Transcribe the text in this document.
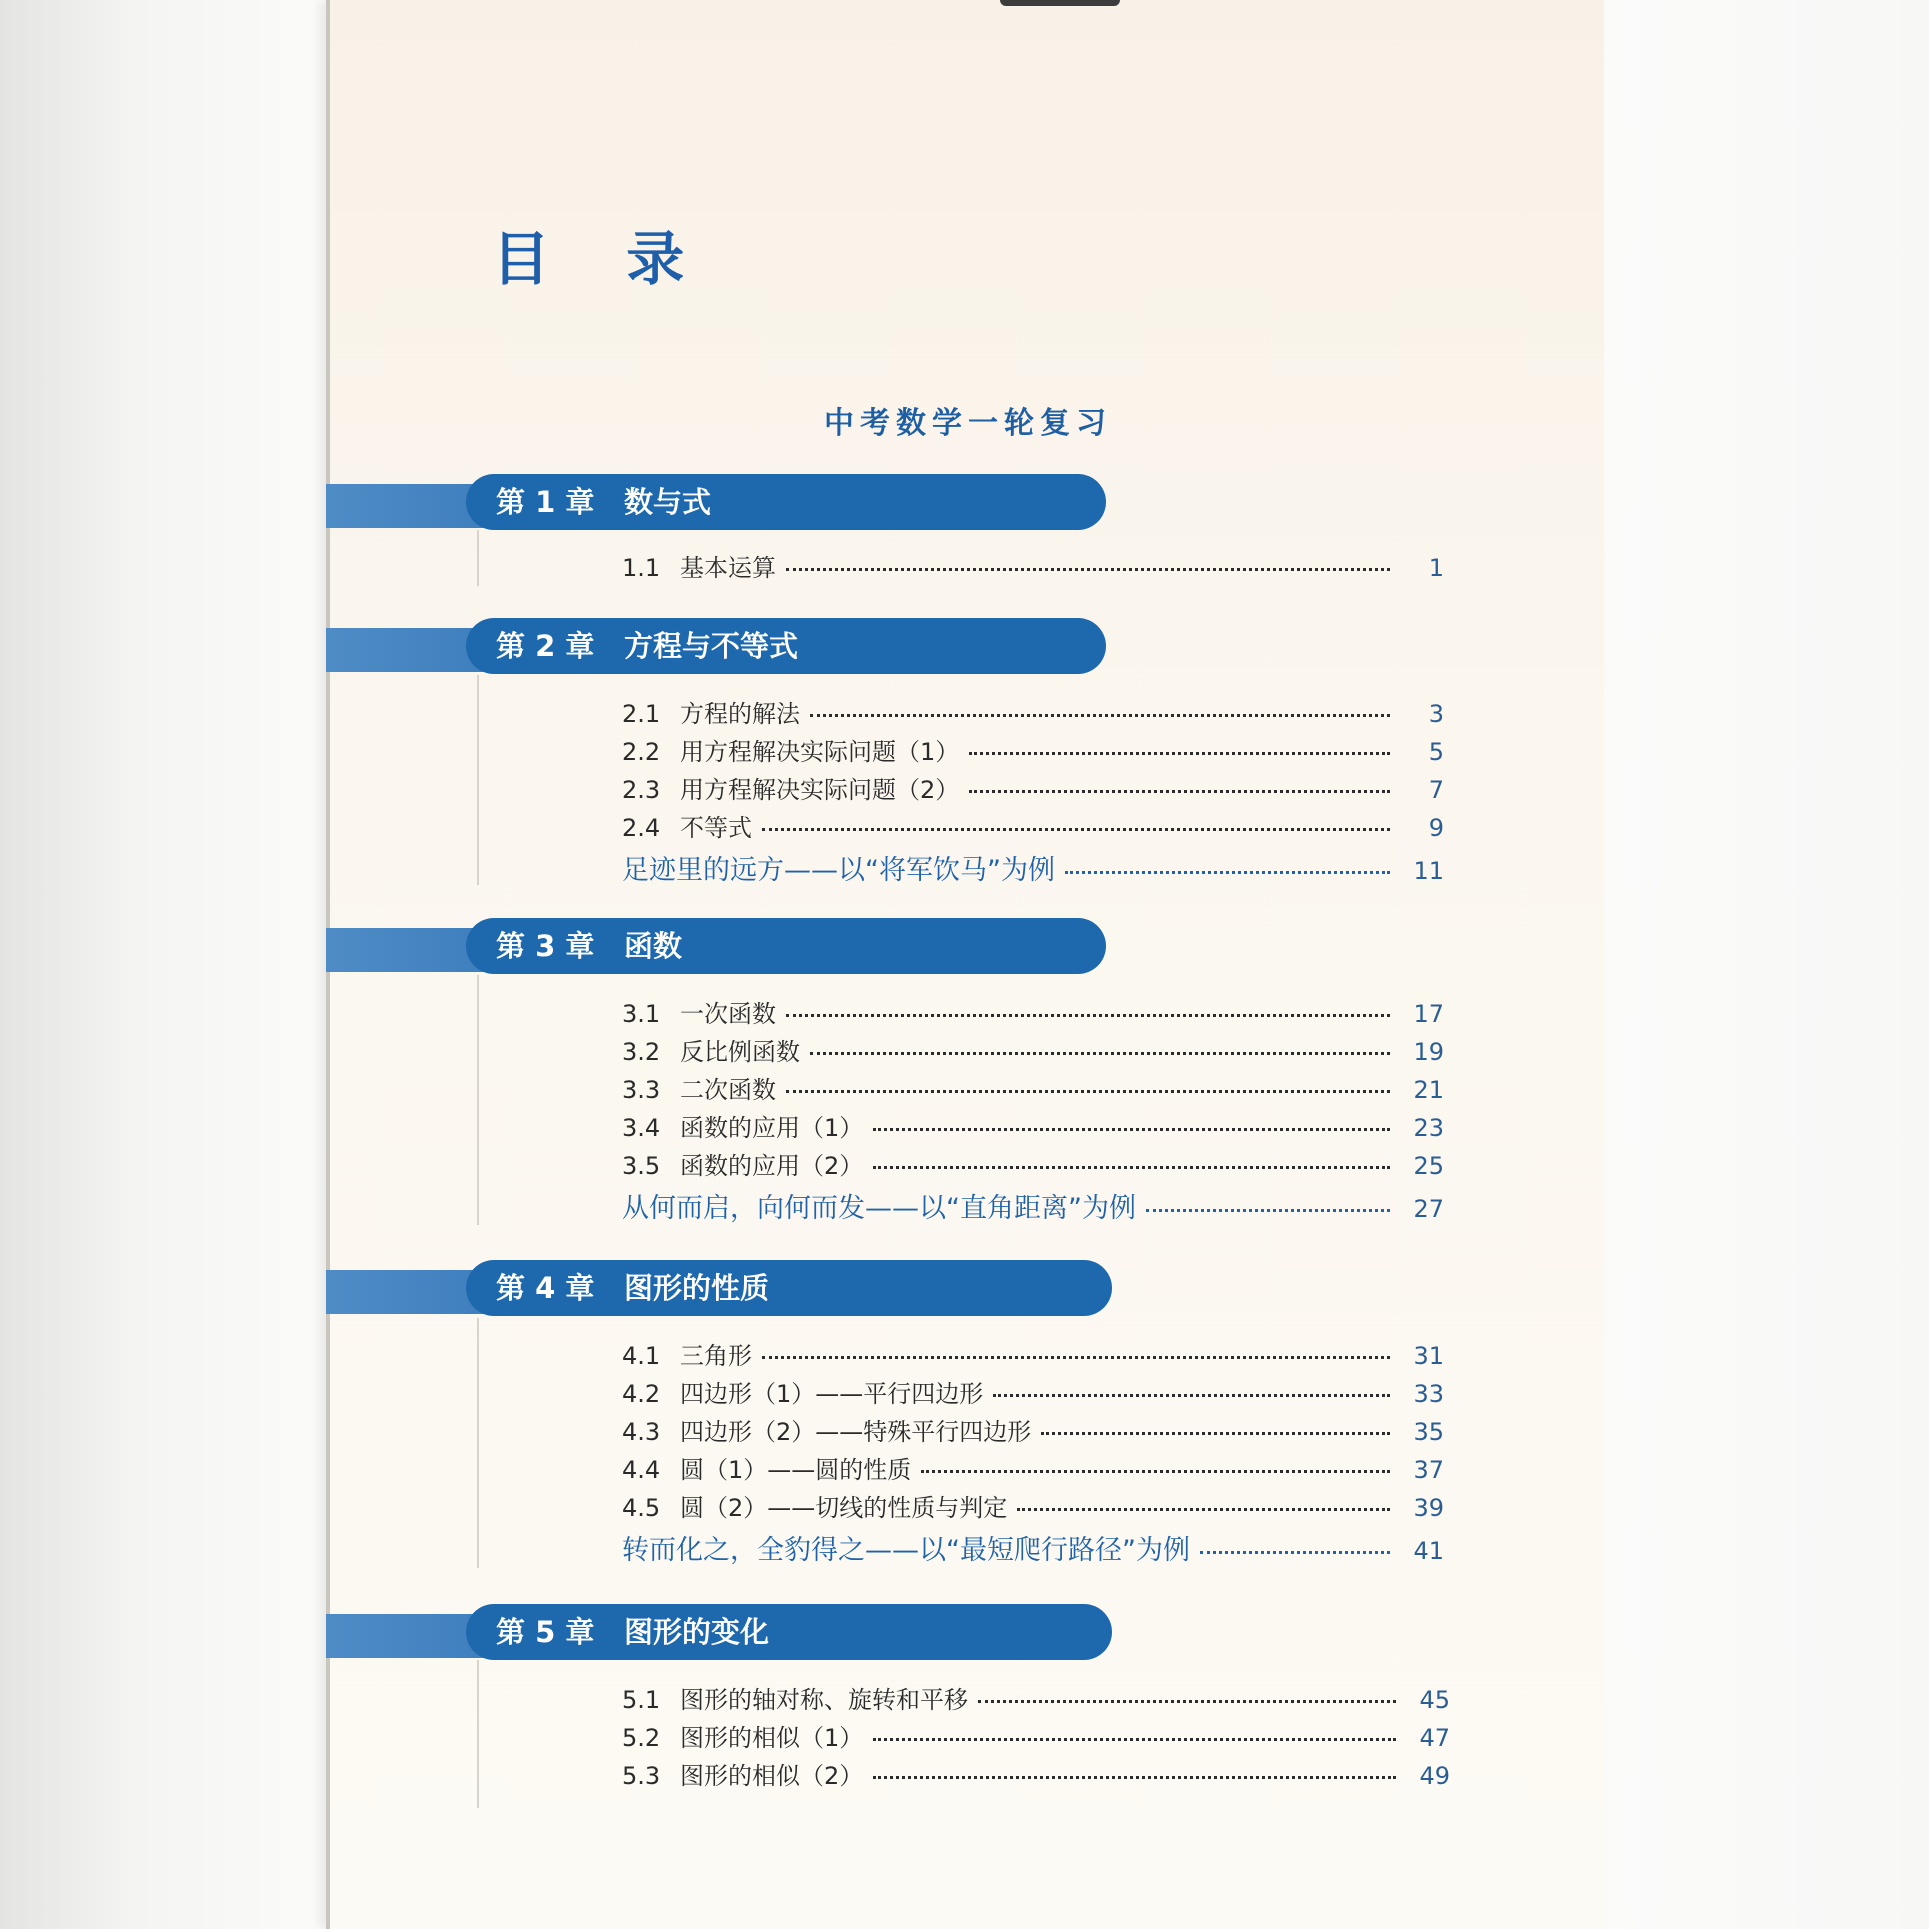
目 录
中考数学一轮复习
第 1 章 数与式
1.1 基本运算	1
第 2 章 方程与不等式
2.1 方程的解法	3
2.2 用方程解决实际问题（1）	5
2.3 用方程解决实际问题（2）	7
2.4 不等式	9
足迹里的远方——以“将军饮马”为例	11
第 3 章 函数
3.1 一次函数	17
3.2 反比例函数	19
3.3 二次函数	21
3.4 函数的应用（1）	23
3.5 函数的应用（2）	25
从何而启，向何而发——以“直角距离”为例	27
第 4 章 图形的性质
4.1 三角形	31
4.2 四边形（1）——平行四边形	33
4.3 四边形（2）——特殊平行四边形	35
4.4 圆（1）——圆的性质	37
4.5 圆（2）——切线的性质与判定	39
转而化之，全豹得之——以“最短爬行路径”为例	41
第 5 章 图形的变化
5.1 图形的轴对称、旋转和平移	45
5.2 图形的相似（1）	47
5.3 图形的相似（2）	49
